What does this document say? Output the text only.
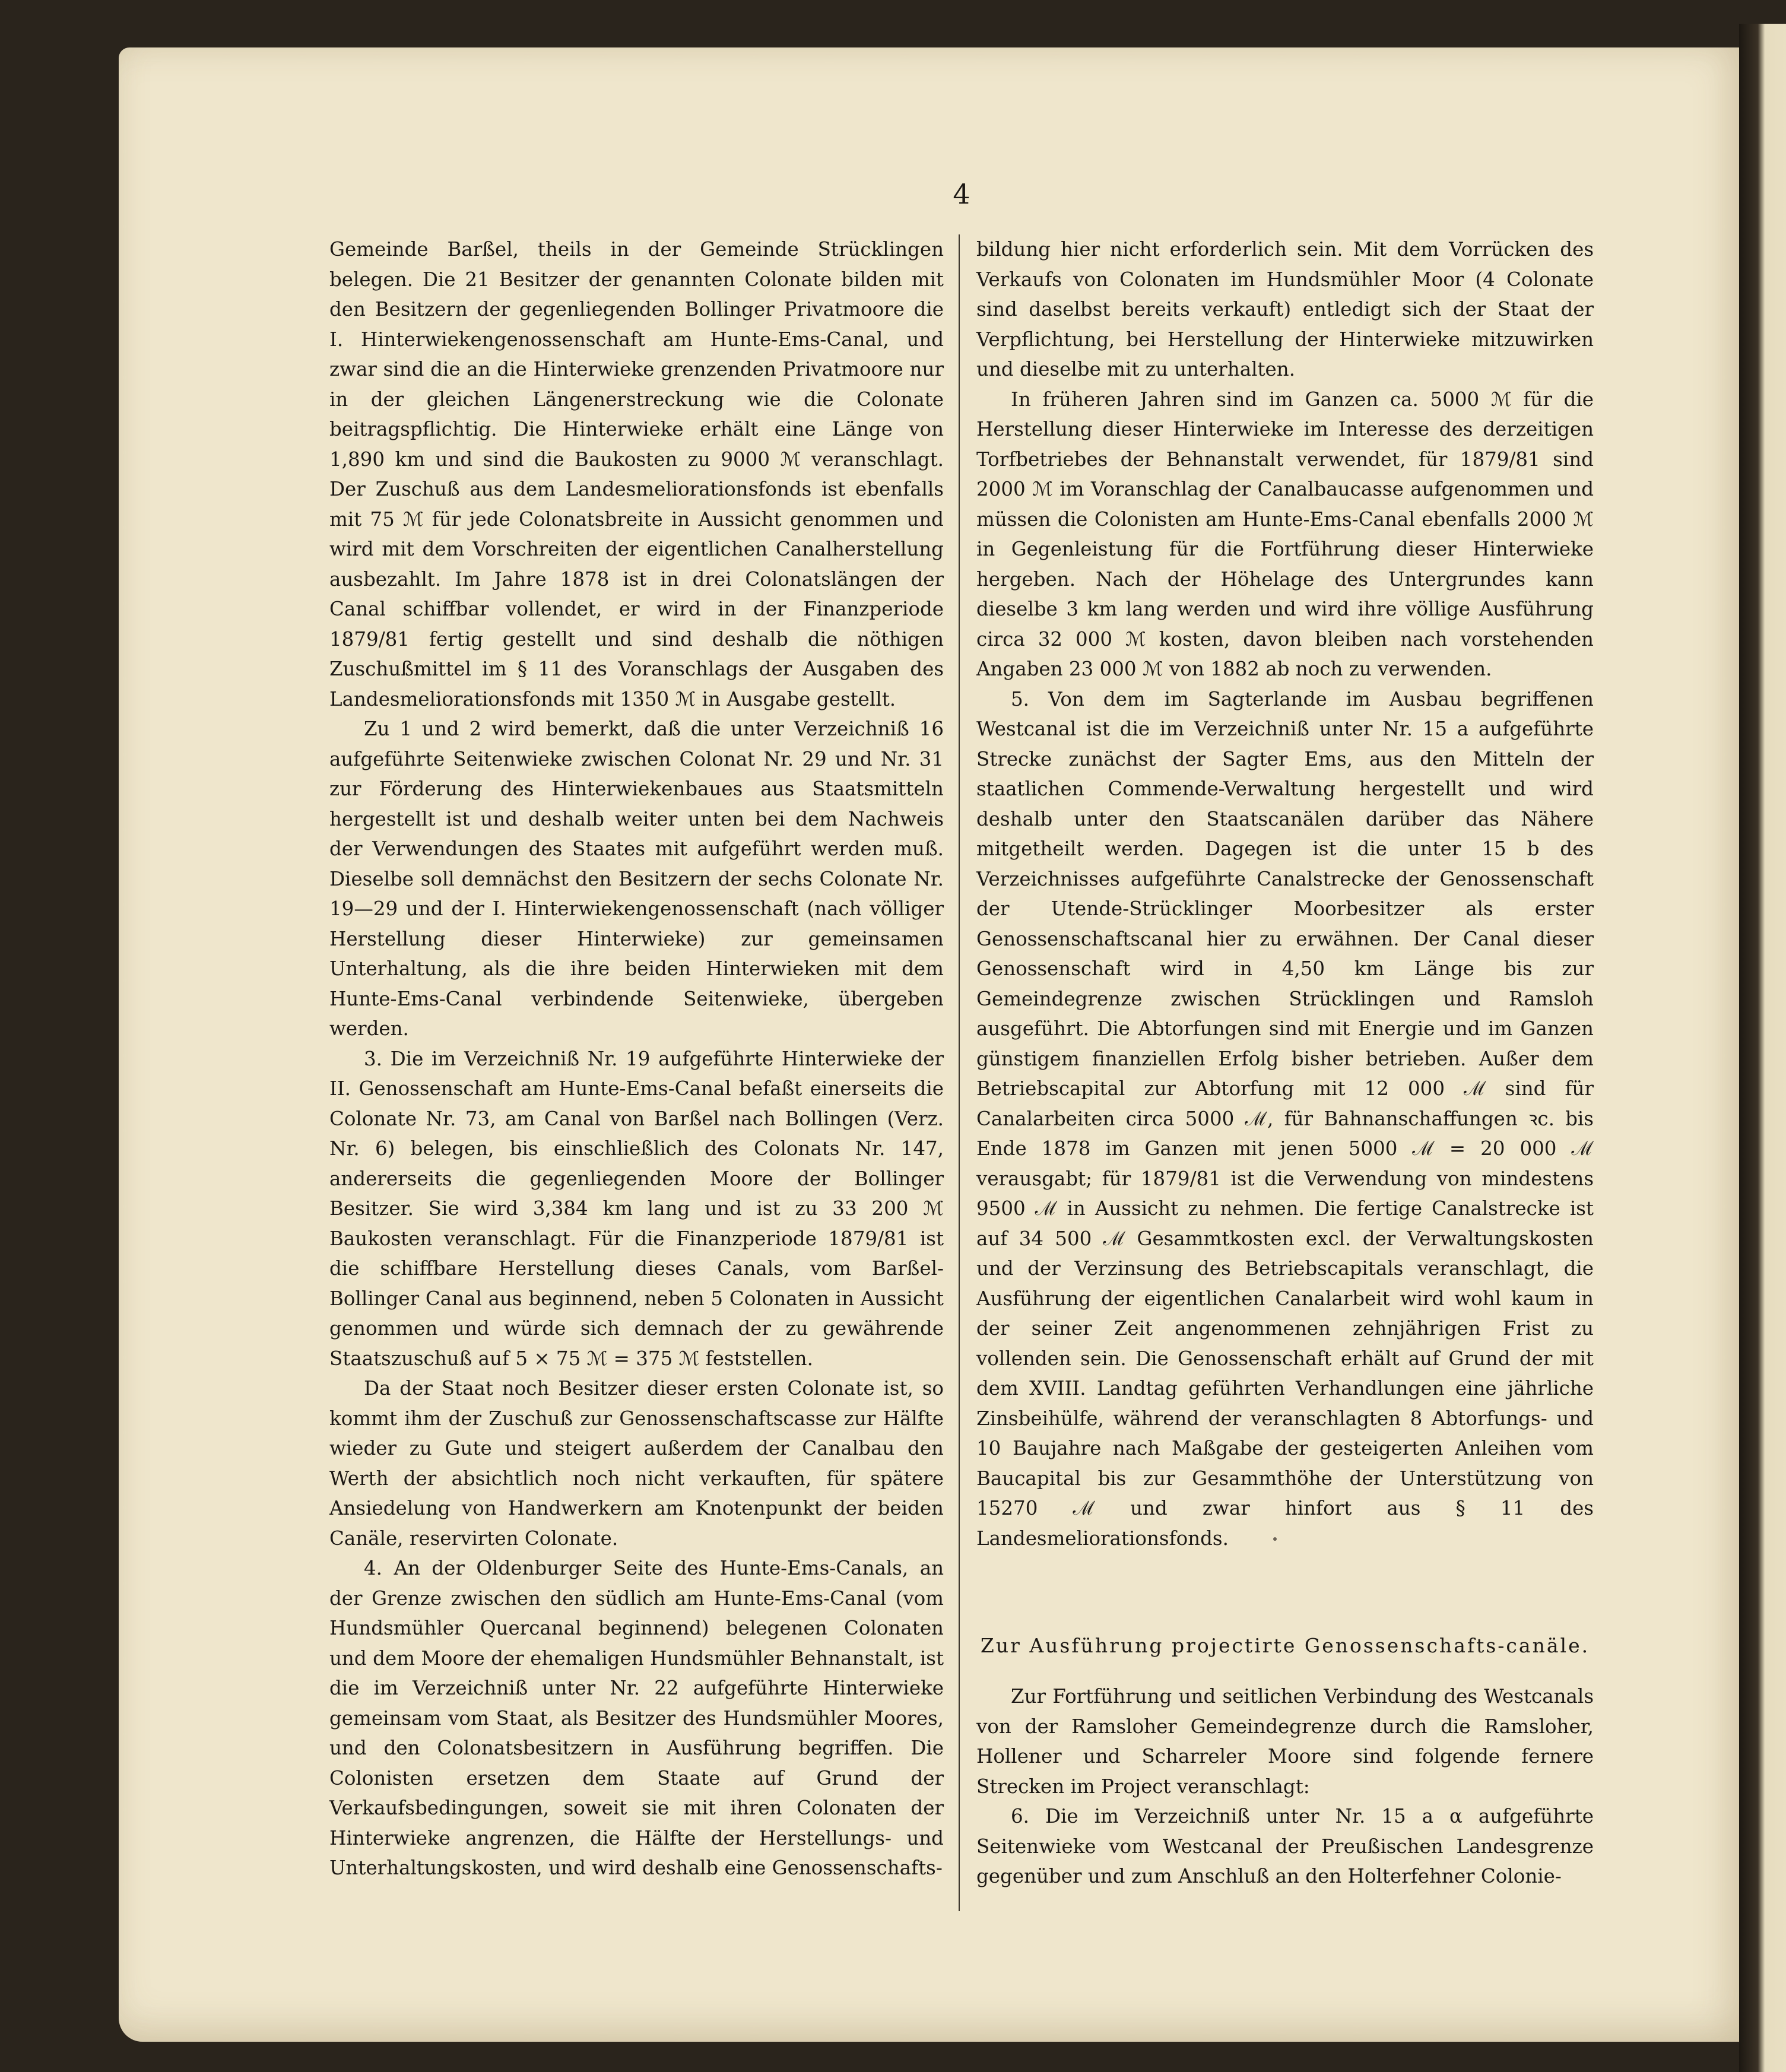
4

Gemeinde Barßel, theils in der Gemeinde Strücklingen belegen. Die 21 Besitzer der genannten Colonate bilden mit den Besitzern der gegenliegenden Bollinger Privatmoore die I. Hinterwiekengenossenschaft am Hunte-Ems-Canal, und zwar sind die an die Hinterwieke grenzenden Privatmoore nur in der gleichen Längenerstreckung wie die Colonate beitragspflichtig. Die Hinterwieke erhält eine Länge von 1,890 km und sind die Baukosten zu 9000 ℳ veranschlagt. Der Zuschuß aus dem Landesmeliorationsfonds ist ebenfalls mit 75 ℳ für jede Colonatsbreite in Aussicht genommen und wird mit dem Vorschreiten der eigentlichen Canalherstellung ausbezahlt. Im Jahre 1878 ist in drei Colonatslängen der Canal schiffbar vollendet, er wird in der Finanzperiode 1879/81 fertig gestellt und sind deshalb die nöthigen Zuschußmittel im § 11 des Voranschlags der Ausgaben des Landesmeliorationsfonds mit 1350 ℳ in Ausgabe gestellt.

Zu 1 und 2 wird bemerkt, daß die unter Verzeichniß 16 aufgeführte Seitenwieke zwischen Colonat Nr. 29 und Nr. 31 zur Förderung des Hinterwiekenbaues aus Staatsmitteln hergestellt ist und deshalb weiter unten bei dem Nachweis der Verwendungen des Staates mit aufgeführt werden muß. Dieselbe soll demnächst den Besitzern der sechs Colonate Nr. 19—29 und der I. Hinterwiekengenossenschaft (nach völliger Herstellung dieser Hinterwieke) zur gemeinsamen Unterhaltung, als die ihre beiden Hinterwieken mit dem Hunte-Ems-Canal verbindende Seitenwieke, übergeben werden.

3. Die im Verzeichniß Nr. 19 aufgeführte Hinterwieke der II. Genossenschaft am Hunte-Ems-Canal befaßt einerseits die Colonate Nr. 73, am Canal von Barßel nach Bollingen (Verz. Nr. 6) belegen, bis einschließlich des Colonats Nr. 147, andererseits die gegenliegenden Moore der Bollinger Besitzer. Sie wird 3,384 km lang und ist zu 33 200 ℳ Baukosten veranschlagt. Für die Finanzperiode 1879/81 ist die schiffbare Herstellung dieses Canals, vom Barßel-Bollinger Canal aus beginnend, neben 5 Colonaten in Aussicht genommen und würde sich demnach der zu gewährende Staatszuschuß auf 5 × 75 ℳ = 375 ℳ feststellen.

Da der Staat noch Besitzer dieser ersten Colonate ist, so kommt ihm der Zuschuß zur Genossenschaftscasse zur Hälfte wieder zu Gute und steigert außerdem der Canalbau den Werth der absichtlich noch nicht verkauften, für spätere Ansiedelung von Handwerkern am Knotenpunkt der beiden Canäle, reservirten Colonate.

4. An der Oldenburger Seite des Hunte-Ems-Canals, an der Grenze zwischen den südlich am Hunte-Ems-Canal (vom Hundsmühler Quercanal beginnend) belegenen Colonaten und dem Moore der ehemaligen Hundsmühler Behnanstalt, ist die im Verzeichniß unter Nr. 22 aufgeführte Hinterwieke gemeinsam vom Staat, als Besitzer des Hundsmühler Moores, und den Colonatsbesitzern in Ausführung begriffen. Die Colonisten ersetzen dem Staate auf Grund der Verkaufsbedingungen, soweit sie mit ihren Colonaten der Hinterwieke angrenzen, die Hälfte der Herstellungs- und Unterhaltungskosten, und wird deshalb eine Genossenschafts-

bildung hier nicht erforderlich sein. Mit dem Vorrücken des Verkaufs von Colonaten im Hundsmühler Moor (4 Colonate sind daselbst bereits verkauft) entledigt sich der Staat der Verpflichtung, bei Herstellung der Hinterwieke mitzuwirken und dieselbe mit zu unterhalten.

In früheren Jahren sind im Ganzen ca. 5000 ℳ für die Herstellung dieser Hinterwieke im Interesse des derzeitigen Torfbetriebes der Behnanstalt verwendet, für 1879/81 sind 2000 ℳ im Voranschlag der Canalbaucasse aufgenommen und müssen die Colonisten am Hunte-Ems-Canal ebenfalls 2000 ℳ in Gegenleistung für die Fortführung dieser Hinterwieke hergeben. Nach der Höhelage des Untergrundes kann dieselbe 3 km lang werden und wird ihre völlige Ausführung circa 32 000 ℳ kosten, davon bleiben nach vorstehenden Angaben 23 000 ℳ von 1882 ab noch zu verwenden.

5. Von dem im Sagterlande im Ausbau begriffenen Westcanal ist die im Verzeichniß unter Nr. 15 a aufgeführte Strecke zunächst der Sagter Ems, aus den Mitteln der staatlichen Commende-Verwaltung hergestellt und wird deshalb unter den Staatscanälen darüber das Nähere mitgetheilt werden. Dagegen ist die unter 15 b des Verzeichnisses aufgeführte Canalstrecke der Genossenschaft der Utende-Strücklinger Moorbesitzer als erster Genossenschaftscanal hier zu erwähnen. Der Canal dieser Genossenschaft wird in 4,50 km Länge bis zur Gemeindegrenze zwischen Strücklingen und Ramsloh ausgeführt. Die Abtorfungen sind mit Energie und im Ganzen günstigem finanziellen Erfolg bisher betrieben. Außer dem Betriebscapital zur Abtorfung mit 12 000 ℳ sind für Canalarbeiten circa 5000 ℳ, für Bahnanschaffungen ꝛc. bis Ende 1878 im Ganzen mit jenen 5000 ℳ = 20 000 ℳ verausgabt; für 1879/81 ist die Verwendung von mindestens 9500 ℳ in Aussicht zu nehmen. Die fertige Canalstrecke ist auf 34 500 ℳ Gesammtkosten excl. der Verwaltungskosten und der Verzinsung des Betriebscapitals veranschlagt, die Ausführung der eigentlichen Canalarbeit wird wohl kaum in der seiner Zeit angenommenen zehnjährigen Frist zu vollenden sein. Die Genossenschaft erhält auf Grund der mit dem XVIII. Landtag geführten Verhandlungen eine jährliche Zinsbeihülfe, während der veranschlagten 8 Abtorfungs- und 10 Baujahre nach Maßgabe der gesteigerten Anleihen vom Baucapital bis zur Gesammthöhe der Unterstützung von 15270 ℳ und zwar hinfort aus § 11 des Landesmeliorationsfonds.

Zur Ausführung projectirte Genossenschafts-canäle.

Zur Fortführung und seitlichen Verbindung des Westcanals von der Ramsloher Gemeindegrenze durch die Ramsloher, Hollener und Scharreler Moore sind folgende fernere Strecken im Project veranschlagt:

6. Die im Verzeichniß unter Nr. 15 a α aufgeführte Seitenwieke vom Westcanal der Preußischen Landesgrenze gegenüber und zum Anschluß an den Holterfehner Colonie-
